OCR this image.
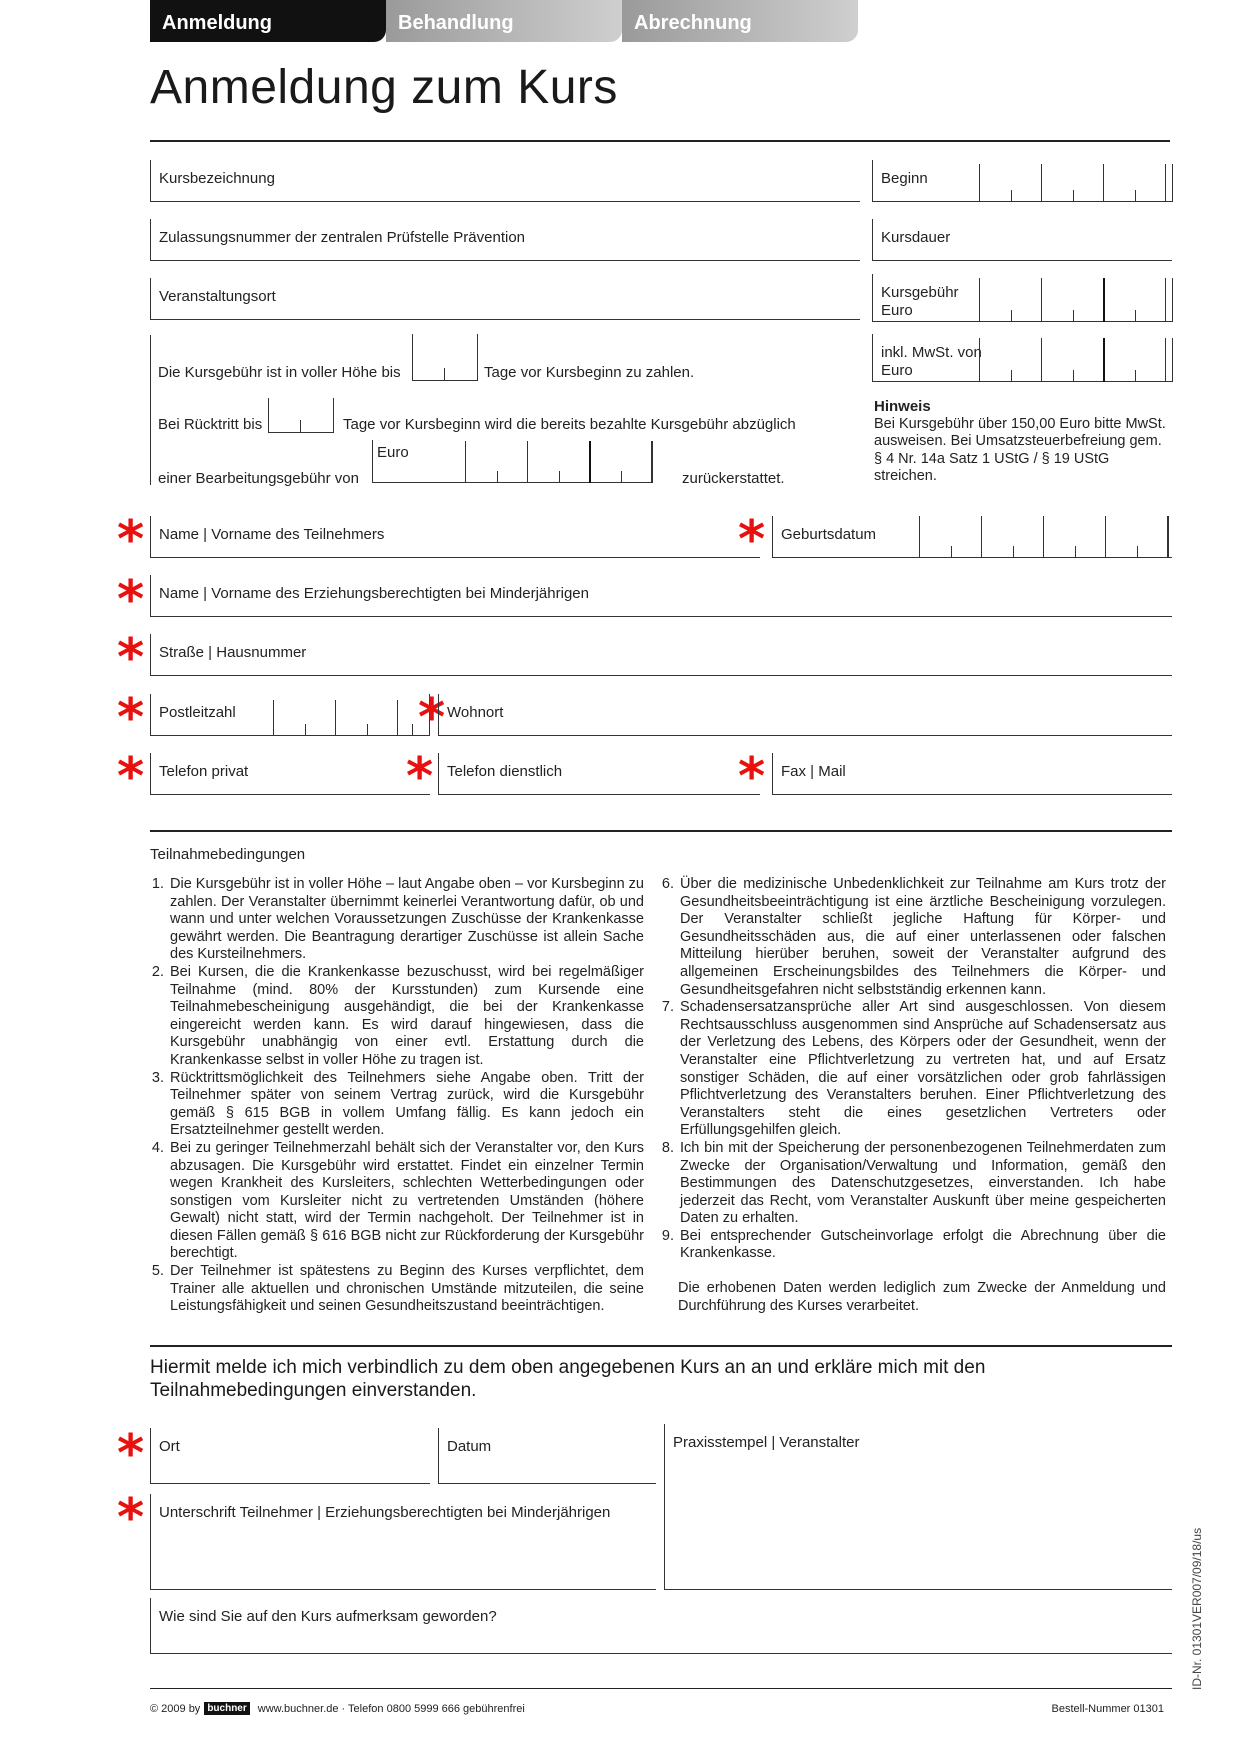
Anmeldung	Behandlung	Abrechnung
Anmeldung zum Kurs
Kursbezeichnung	Beginn
Zulassungsnummer der zentralen Prüfstelle Prävention	Kursdauer
Veranstaltungsort	Kursgebühr
Euro
inkl. MwSt. von
Euro
Die Kursgebühr ist in voller Höhe bis	Tage vor Kursbeginn zu zahlen.
Bei Rücktritt bis	Tage vor Kursbeginn wird die bereits bezahlte Kursgebühr abzüglich
einer Bearbeitungsgebühr von
Euro
zurückerstattet.
Hinweis
Bei Kursgebühr über 150,00 Euro bitte MwSt.
ausweisen. Bei Umsatzsteuerbefreiung gem.
§ 4 Nr. 14a Satz 1 UStG / § 19 UStG streichen.
* Name | Vorname des Teilnehmers	* Geburtsdatum
* Name | Vorname des Erziehungsberechtigten bei Minderjährigen
* Straße | Hausnummer
* Postleitzahl	* Wohnort
* Telefon privat	* Telefon dienstlich	* Fax | Mail
Teilnahmebedingungen
1. Die Kursgebühr ist in voller Höhe – laut Angabe oben – vor Kursbeginn zu zahlen. Der Veranstalter übernimmt keinerlei Verantwortung dafür, ob und wann und unter welchen Voraussetzungen Zuschüsse der Krankenkasse gewährt werden. Die Beantragung derartiger Zuschüsse ist allein Sache des Kursteilnehmers.
2. Bei Kursen, die die Krankenkasse bezuschusst, wird bei regelmäßiger Teilnahme (mind. 80% der Kursstunden) zum Kursende eine Teilnahmebescheinigung ausgehändigt, die bei der Krankenkasse eingereicht werden kann. Es wird darauf hingewiesen, dass die Kursgebühr unabhängig von einer evtl. Erstattung durch die Krankenkasse selbst in voller Höhe zu tragen ist.
3. Rücktrittsmöglichkeit des Teilnehmers siehe Angabe oben. Tritt der Teilnehmer später von seinem Vertrag zurück, wird die Kursgebühr gemäß § 615 BGB in vollem Umfang fällig. Es kann jedoch ein Ersatzteilnehmer gestellt werden.
4. Bei zu geringer Teilnehmerzahl behält sich der Veranstalter vor, den Kurs abzusagen. Die Kursgebühr wird erstattet. Findet ein einzelner Termin wegen Krankheit des Kursleiters, schlechten Wetterbedingungen oder sonstigen vom Kursleiter nicht zu vertretenden Umständen (höhere Gewalt) nicht statt, wird der Termin nachgeholt. Der Teilnehmer ist in diesen Fällen gemäß § 616 BGB nicht zur Rückforderung der Kursgebühr berechtigt.
5. Der Teilnehmer ist spätestens zu Beginn des Kurses verpflichtet, dem Trainer alle aktuellen und chronischen Umstände mitzuteilen, die seine Leistungsfähigkeit und seinen Gesundheitszustand beeinträchtigen.
6. Über die medizinische Unbedenklichkeit zur Teilnahme am Kurs trotz der Gesundheitsbeeinträchtigung ist eine ärztliche Bescheinigung vorzulegen. Der Veranstalter schließt jegliche Haftung für Körper- und Gesundheitsschäden aus, die auf einer unterlassenen oder falschen Mitteilung hierüber beruhen, soweit der Veranstalter aufgrund des allgemeinen Erscheinungsbildes des Teilnehmers die Körper- und Gesundheitsgefahren nicht selbstständig erkennen kann.
7. Schadensersatzansprüche aller Art sind ausgeschlossen. Von diesem Rechtsausschluss ausgenommen sind Ansprüche auf Schadensersatz aus der Verletzung des Lebens, des Körpers oder der Gesundheit, wenn der Veranstalter eine Pflichtverletzung zu vertreten hat, und auf Ersatz sonstiger Schäden, die auf einer vorsätzlichen oder grob fahrlässigen Pflichtverletzung des Veranstalters beruhen. Einer Pflichtverletzung des Veranstalters steht die eines gesetzlichen Vertreters oder Erfüllungsgehilfen gleich.
8. Ich bin mit der Speicherung der personenbezogenen Teilnehmerdaten zum Zwecke der Organisation/Verwaltung und Information, gemäß den Bestimmungen des Datenschutzgesetzes, einverstanden. Ich habe jederzeit das Recht, vom Veranstalter Auskunft über meine gespeicherten Daten zu erhalten.
9. Bei entsprechender Gutscheinvorlage erfolgt die Abrechnung über die Krankenkasse.
Die erhobenen Daten werden lediglich zum Zwecke der Anmeldung und Durchführung des Kurses verarbeitet.
Hiermit melde ich mich verbindlich zu dem oben angegebenen Kurs an an und erkläre mich mit den Teilnahmebedingungen einverstanden.
* Ort	Datum	Praxisstempel | Veranstalter
* Unterschrift Teilnehmer | Erziehungsberechtigten bei Minderjährigen
Wie sind Sie auf den Kurs aufmerksam geworden?
© 2009 by buchner www.buchner.de · Telefon 0800 5999 666 gebührenfrei	Bestell-Nummer 01301
ID-Nr. 01301VER007/09/18/us
